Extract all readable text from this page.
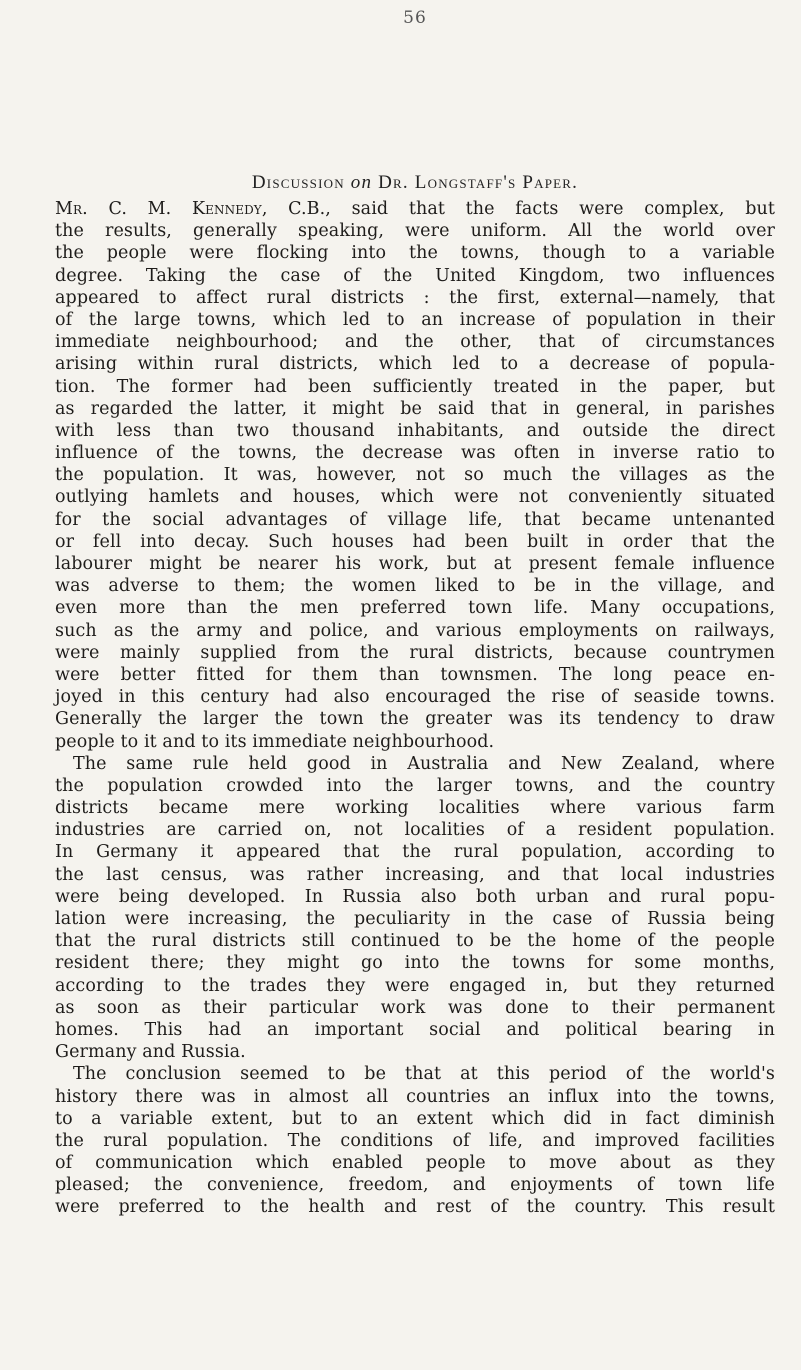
56
Discussion on Dr. Longstaff's Paper.
Mr. C. M. Kennedy, C.B., said that the facts were complex, but
the results, generally speaking, were uniform. All the world over
the people were flocking into the towns, though to a variable
degree. Taking the case of the United Kingdom, two influences
appeared to affect rural districts : the first, external—namely, that
of the large towns, which led to an increase of population in their
immediate neighbourhood; and the other, that of circumstances
arising within rural districts, which led to a decrease of popula-
tion. The former had been sufficiently treated in the paper, but
as regarded the latter, it might be said that in general, in parishes
with less than two thousand inhabitants, and outside the direct
influence of the towns, the decrease was often in inverse ratio to
the population. It was, however, not so much the villages as the
outlying hamlets and houses, which were not conveniently situated
for the social advantages of village life, that became untenanted
or fell into decay. Such houses had been built in order that the
labourer might be nearer his work, but at present female influence
was adverse to them; the women liked to be in the village, and
even more than the men preferred town life. Many occupations,
such as the army and police, and various employments on railways,
were mainly supplied from the rural districts, because countrymen
were better fitted for them than townsmen. The long peace en-
joyed in this century had also encouraged the rise of seaside towns.
Generally the larger the town the greater was its tendency to draw
people to it and to its immediate neighbourhood.
The same rule held good in Australia and New Zealand, where
the population crowded into the larger towns, and the country
districts became mere working localities where various farm
industries are carried on, not localities of a resident population.
In Germany it appeared that the rural population, according to
the last census, was rather increasing, and that local industries
were being developed. In Russia also both urban and rural popu-
lation were increasing, the peculiarity in the case of Russia being
that the rural districts still continued to be the home of the people
resident there; they might go into the towns for some months,
according to the trades they were engaged in, but they returned
as soon as their particular work was done to their permanent
homes. This had an important social and political bearing in
Germany and Russia.
The conclusion seemed to be that at this period of the world's
history there was in almost all countries an influx into the towns,
to a variable extent, but to an extent which did in fact diminish
the rural population. The conditions of life, and improved facilities
of communication which enabled people to move about as they
pleased; the convenience, freedom, and enjoyments of town life
were preferred to the health and rest of the country. This result
